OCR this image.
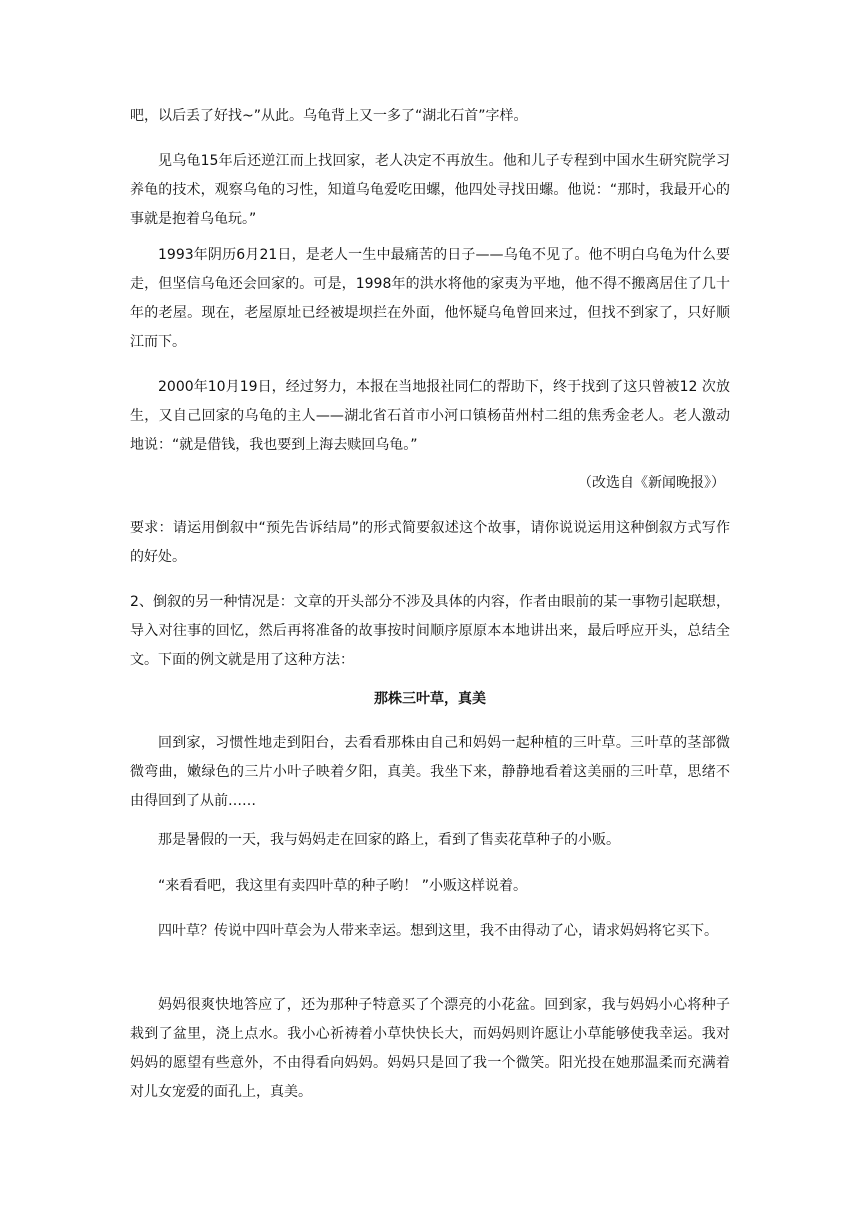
吧，以后丢了好找~”从此。乌龟背上又一多了“湖北石首”字样。

见乌龟15年后还逆江而上找回家，老人决定不再放生。他和儿子专程到中国水生研究院学习养龟的技术，观察乌龟的习性，知道乌龟爱吃田螺，他四处寻找田螺。他说：“那时，我最开心的事就是抱着乌龟玩。”

1993年阴历6月21日，是老人一生中最痛苦的日子——乌龟不见了。他不明白乌龟为什么要走，但坚信乌龟还会回家的。可是，1998年的洪水将他的家夷为平地，他不得不搬离居住了几十年的老屋。现在，老屋原址已经被堤坝拦在外面，他怀疑乌龟曾回来过，但找不到家了，只好顺江而下。

2000年10月19日，经过努力，本报在当地报社同仁的帮助下，终于找到了这只曾被12 次放生，又自己回家的乌龟的主人——湖北省石首市小河口镇杨苗州村二组的焦秀金老人。老人激动地说：“就是借钱，我也要到上海去赎回乌龟。”

（改选自《新闻晚报》）

要求：请运用倒叙中“预先告诉结局”的形式简要叙述这个故事，请你说说运用这种倒叙方式写作的好处。

2、倒叙的另一种情况是：文章的开头部分不涉及具体的内容，作者由眼前的某一事物引起联想，导入对往事的回忆，然后再将准备的故事按时间顺序原原本本地讲出来，最后呼应开头，总结全文。下面的例文就是用了这种方法：

那株三叶草，真美

回到家，习惯性地走到阳台，去看看那株由自己和妈妈一起种植的三叶草。三叶草的茎部微微弯曲，嫩绿色的三片小叶子映着夕阳，真美。我坐下来，静静地看着这美丽的三叶草，思绪不由得回到了从前……

那是暑假的一天，我与妈妈走在回家的路上，看到了售卖花草种子的小贩。

“来看看吧，我这里有卖四叶草的种子哟！ ”小贩这样说着。

四叶草？传说中四叶草会为人带来幸运。想到这里，我不由得动了心，请求妈妈将它买下。

妈妈很爽快地答应了，还为那种子特意买了个漂亮的小花盆。回到家，我与妈妈小心将种子栽到了盆里，浇上点水。我小心祈祷着小草快快长大，而妈妈则许愿让小草能够使我幸运。我对妈妈的愿望有些意外，不由得看向妈妈。妈妈只是回了我一个微笑。阳光投在她那温柔而充满着对儿女宠爱的面孔上，真美。
